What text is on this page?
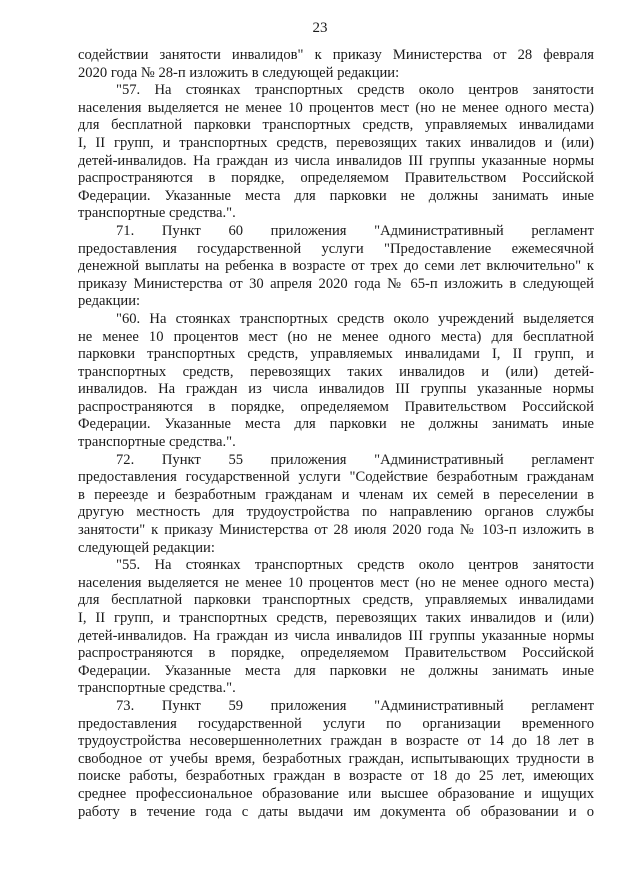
23
содействии занятости инвалидов" к приказу Министерства от 28 февраля
2020 года № 28-п изложить в следующей редакции:
"57. На стоянках транспортных средств около центров занятости
населения выделяется не менее 10 процентов мест (но не менее одного места)
для бесплатной парковки транспортных средств, управляемых инвалидами
I, II групп, и транспортных средств, перевозящих таких инвалидов и (или)
детей-инвалидов. На граждан из числа инвалидов III группы указанные нормы
распространяются в порядке, определяемом Правительством Российской
Федерации. Указанные места для парковки не должны занимать иные
транспортные средства.".
71. Пункт 60 приложения "Административный регламент
предоставления государственной услуги "Предоставление ежемесячной
денежной выплаты на ребенка в возрасте от трех до семи лет включительно" к
приказу Министерства от 30 апреля 2020 года № 65-п изложить в следующей
редакции:
"60. На стоянках транспортных средств около учреждений выделяется
не менее 10 процентов мест (но не менее одного места) для бесплатной
парковки транспортных средств, управляемых инвалидами I, II групп, и
транспортных средств, перевозящих таких инвалидов и (или) детей-
инвалидов. На граждан из числа инвалидов III группы указанные нормы
распространяются в порядке, определяемом Правительством Российской
Федерации. Указанные места для парковки не должны занимать иные
транспортные средства.".
72. Пункт 55 приложения "Административный регламент
предоставления государственной услуги "Содействие безработным гражданам
в переезде и безработным гражданам и членам их семей в переселении в
другую местность для трудоустройства по направлению органов службы
занятости" к приказу Министерства от 28 июля 2020 года № 103-п изложить в
следующей редакции:
"55. На стоянках транспортных средств около центров занятости
населения выделяется не менее 10 процентов мест (но не менее одного места)
для бесплатной парковки транспортных средств, управляемых инвалидами
I, II групп, и транспортных средств, перевозящих таких инвалидов и (или)
детей-инвалидов. На граждан из числа инвалидов III группы указанные нормы
распространяются в порядке, определяемом Правительством Российской
Федерации. Указанные места для парковки не должны занимать иные
транспортные средства.".
73. Пункт 59 приложения "Административный регламент
предоставления государственной услуги по организации временного
трудоустройства несовершеннолетних граждан в возрасте от 14 до 18 лет в
свободное от учебы время, безработных граждан, испытывающих трудности в
поиске работы, безработных граждан в возрасте от 18 до 25 лет, имеющих
среднее профессиональное образование или высшее образование и ищущих
работу в течение года с даты выдачи им документа об образовании и о
